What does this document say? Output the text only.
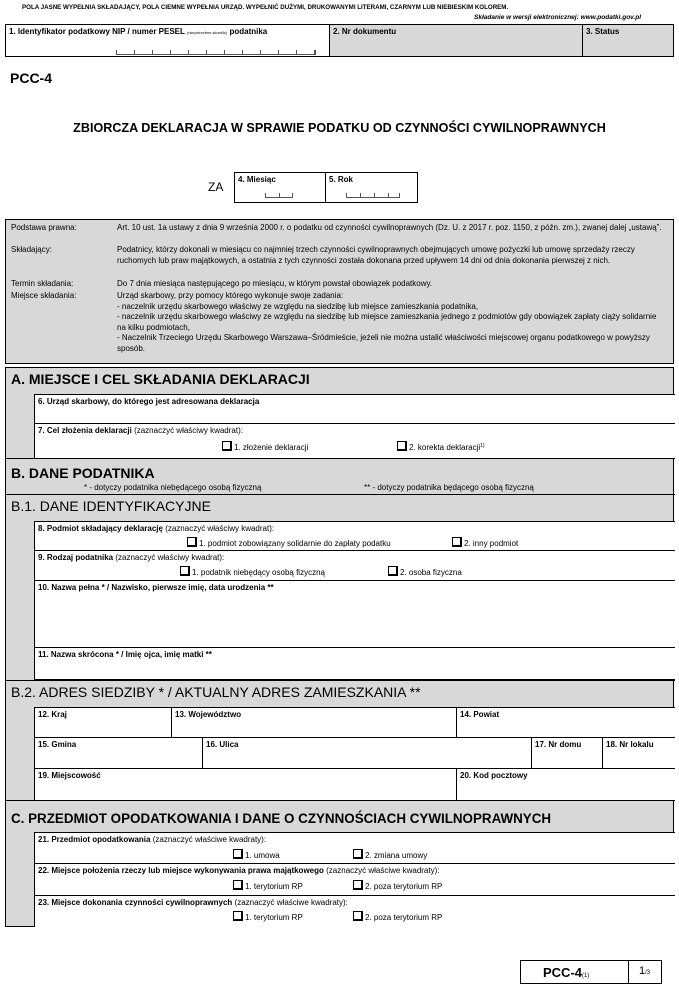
POLA JASNE WYPEŁNIA SKŁADAJĄCY, POLA CIEMNE WYPEŁNIA URZĄD. WYPEŁNIĆ DUŻYMI, DRUKOWANYMI LITERAMI, CZARNYM LUB NIEBIESKIM KOLOREM.
Składanie w wersji elektronicznej: www.podatki.gov.pl
1. Identyfikator podatkowy NIP / numer PESEL (niepotrzebne skreślić) podatnika	2. Nr dokumentu	3. Status
PCC-4
ZBIORCZA DEKLARACJA W SPRAWIE PODATKU OD CZYNNOŚCI CYWILNOPRAWNYCH
ZA
4. Miesiąc	5. Rok
Podstawa prawna:	Art. 10 ust. 1a ustawy z dnia 9 września 2000 r. o podatku od czynności cywilnoprawnych (Dz. U. z 2017 r. poz. 1150, z późn. zm.), zwanej dalej „ustawą”.
Składający:	Podatnicy, którzy dokonali w miesiącu co najmniej trzech czynności cywilnoprawnych obejmujących umowę pożyczki lub umowę sprzedaży rzeczy ruchomych lub praw majątkowych, a ostatnia z tych czynności została dokonana przed upływem 14 dni od dnia dokonania pierwszej z nich.
Termin składania:	Do 7 dnia miesiąca następującego po miesiącu, w którym powstał obowiązek podatkowy.
Miejsce składania:	Urząd skarbowy, przy pomocy którego wykonuje swoje zadania:
- naczelnik urzędu skarbowego właściwy ze względu na siedzibę lub miejsce zamieszkania podatnika,
- naczelnik urzędu skarbowego właściwy ze względu na siedzibę lub miejsce zamieszkania jednego z podmiotów gdy obowiązek zapłaty ciąży solidarnie na kilku podmiotach,
- Naczelnik Trzeciego Urzędu Skarbowego Warszawa–Śródmieście, jeżeli nie można ustalić właściwości miejscowej organu podatkowego w powyższy sposób.
A. MIEJSCE I CEL SKŁADANIA DEKLARACJI
6. Urząd skarbowy, do którego jest adresowana deklaracja
7. Cel złożenia deklaracji (zaznaczyć właściwy kwadrat):
1. złożenie deklaracji	2. korekta deklaracji$^{1)}$
B. DANE PODATNIKA
* - dotyczy podatnika niebędącego osobą fizyczną	** - dotyczy podatnika będącego osobą fizyczną
B.1. DANE IDENTYFIKACYJNE
8. Podmiot składający deklarację (zaznaczyć właściwy kwadrat):
1. podmiot zobowiązany solidarnie do zapłaty podatku	2. inny podmiot
9. Rodzaj podatnika (zaznaczyć właściwy kwadrat):
1. podatnik niebędący osobą fizyczną	2. osoba fizyczna
10. Nazwa pełna * / Nazwisko, pierwsze imię, data urodzenia **
11. Nazwa skrócona * / Imię ojca, imię matki **
B.2. ADRES SIEDZIBY * / AKTUALNY ADRES ZAMIESZKANIA **
12. Kraj	13. Województwo	14. Powiat
15. Gmina	16. Ulica	17. Nr domu	18. Nr lokalu
19. Miejscowość	20. Kod pocztowy
C. PRZEDMIOT OPODATKOWANIA I DANE O CZYNNOŚCIACH CYWILNOPRAWNYCH
21. Przedmiot opodatkowania (zaznaczyć właściwe kwadraty):
1. umowa	2. zmiana umowy
22. Miejsce położenia rzeczy lub miejsce wykonywania prawa majątkowego (zaznaczyć właściwe kwadraty):
1. terytorium RP	2. poza terytorium RP
23. Miejsce dokonania czynności cywilnoprawnych (zaznaczyć właściwe kwadraty):
1. terytorium RP	2. poza terytorium RP
PCC-4(1)	1/3
